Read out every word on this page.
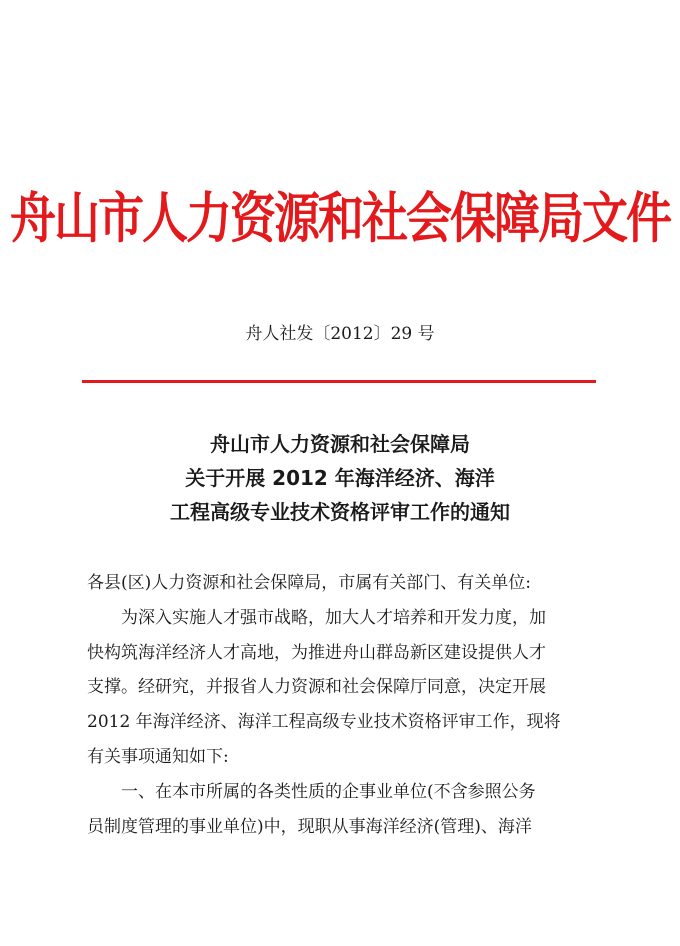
舟山市人力资源和社会保障局文件
舟人社发〔2012〕29 号
舟山市人力资源和社会保障局
关于开展 2012 年海洋经济、海洋
工程高级专业技术资格评审工作的通知
各县(区)人力资源和社会保障局，市属有关部门、有关单位:
为深入实施人才强市战略，加大人才培养和开发力度，加
快构筑海洋经济人才高地，为推进舟山群岛新区建设提供人才
支撑。经研究，并报省人力资源和社会保障厅同意，决定开展
2012 年海洋经济、海洋工程高级专业技术资格评审工作，现将
有关事项通知如下:
一、在本市所属的各类性质的企事业单位(不含参照公务
员制度管理的事业单位)中，现职从事海洋经济(管理)、海洋
